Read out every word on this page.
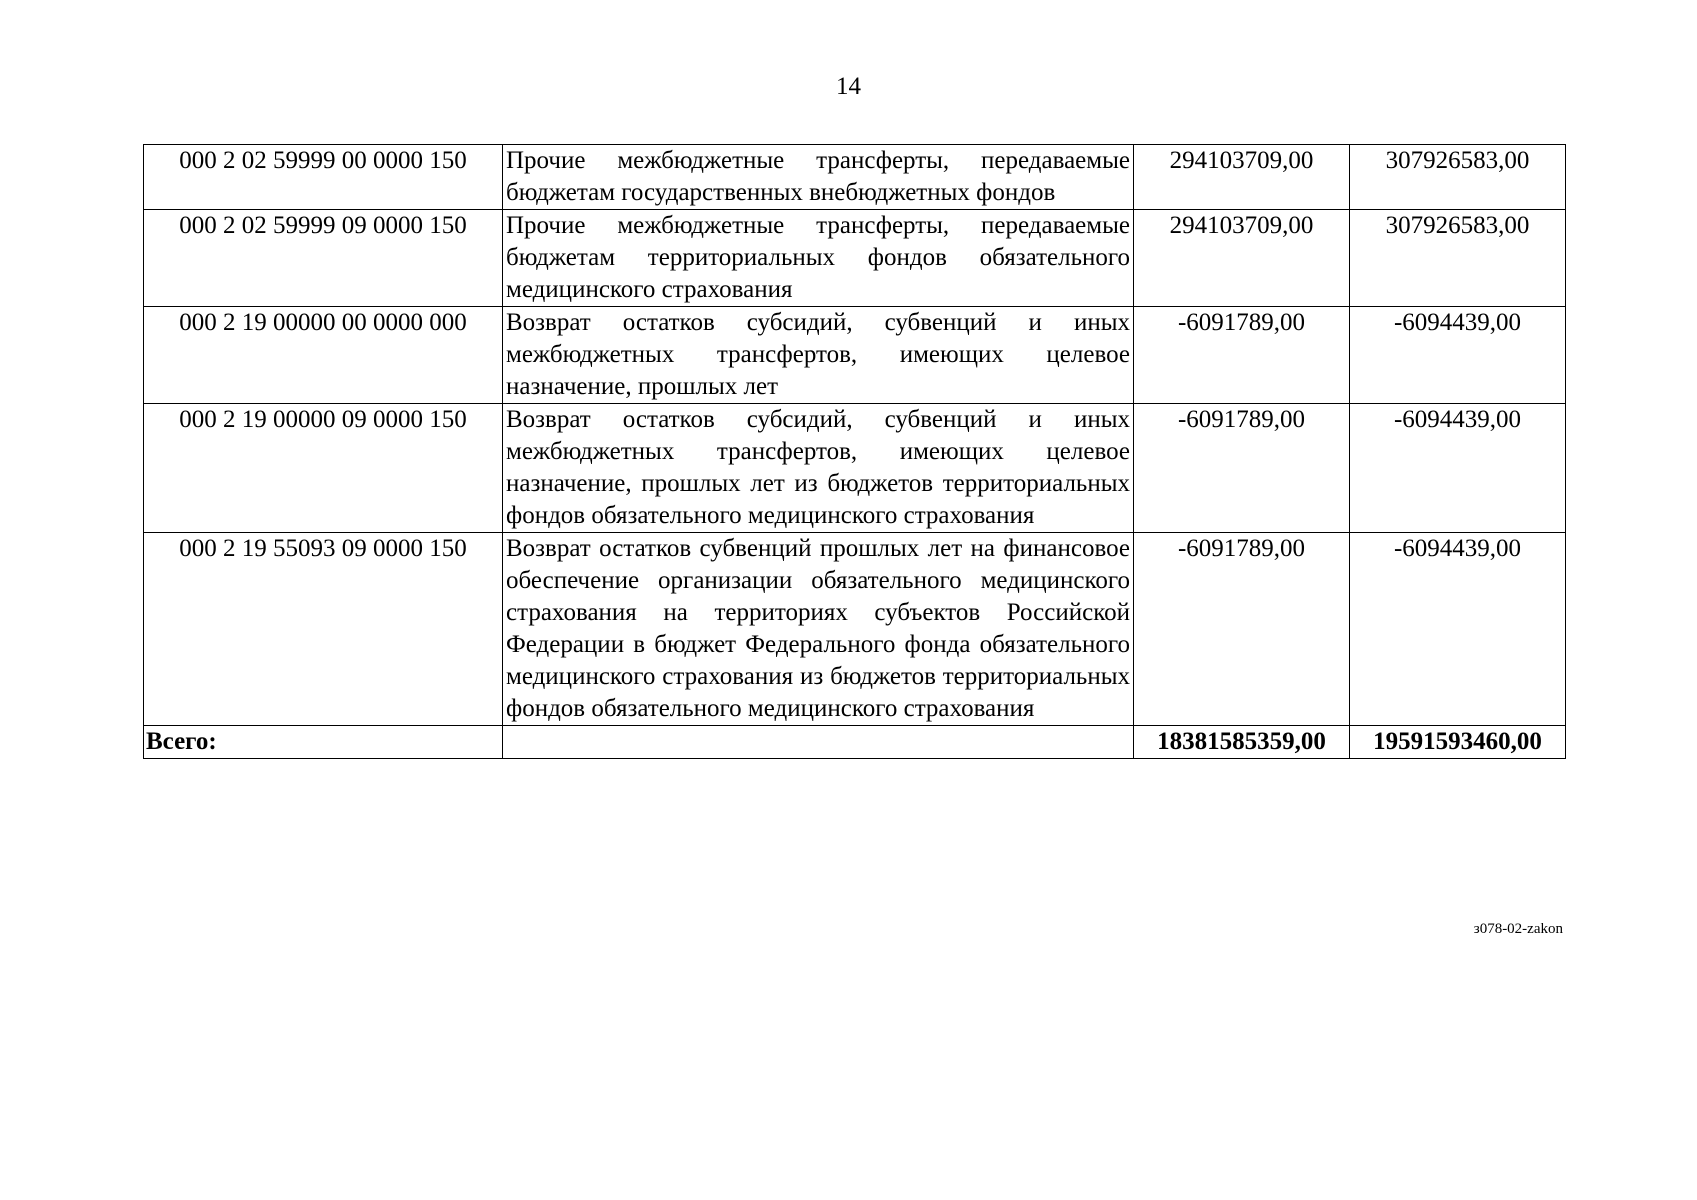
14
000 2 02 59999 00 0000 150	Прочие межбюджетные трансферты, передаваемые бюджетам государственных внебюджетных фондов	294103709,00	307926583,00
000 2 02 59999 09 0000 150	Прочие межбюджетные трансферты, передаваемые бюджетам территориальных фондов обязательного медицинского страхования	294103709,00	307926583,00
000 2 19 00000 00 0000 000	Возврат остатков субсидий, субвенций и иных межбюджетных трансфертов, имеющих целевое назначение, прошлых лет	-6091789,00	-6094439,00
000 2 19 00000 09 0000 150	Возврат остатков субсидий, субвенций и иных межбюджетных трансфертов, имеющих целевое назначение, прошлых лет из бюджетов территориальных фондов обязательного медицинского страхования	-6091789,00	-6094439,00
000 2 19 55093 09 0000 150	Возврат остатков субвенций прошлых лет на финансовое обеспечение организации обязательного медицинского страхования на территориях субъектов Российской Федерации в бюджет Федерального фонда обязательного медицинского страхования из бюджетов территориальных фондов обязательного медицинского страхования	-6091789,00	-6094439,00
Всего:		18381585359,00	19591593460,00
з078-02-zakon
